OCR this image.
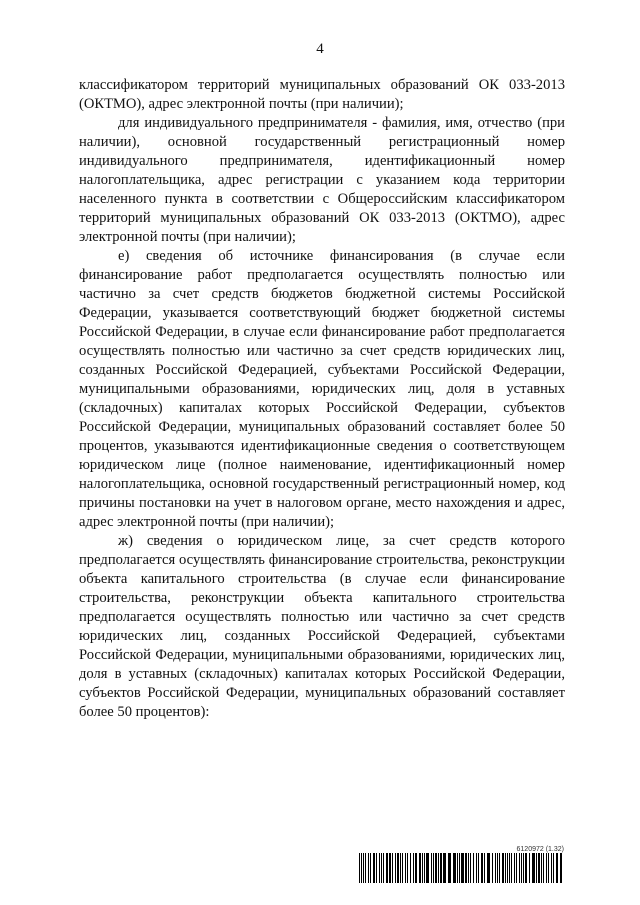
4

классификатором территорий муниципальных образований ОК 033-2013 (ОКТМО), адрес электронной почты (при наличии);

для индивидуального предпринимателя - фамилия, имя, отчество (при наличии), основной государственный регистрационный номер индивидуального предпринимателя, идентификационный номер налогоплательщика, адрес регистрации с указанием кода территории населенного пункта в соответствии с Общероссийским классификатором территорий муниципальных образований ОК 033-2013 (ОКТМО), адрес электронной почты (при наличии);

е) сведения об источнике финансирования (в случае если финансирование работ предполагается осуществлять полностью или частично за счет средств бюджетов бюджетной системы Российской Федерации, указывается соответствующий бюджет бюджетной системы Российской Федерации, в случае если финансирование работ предполагается осуществлять полностью или частично за счет средств юридических лиц, созданных Российской Федерацией, субъектами Российской Федерации, муниципальными образованиями, юридических лиц, доля в уставных (складочных) капиталах которых Российской Федерации, субъектов Российской Федерации, муниципальных образований составляет более 50 процентов, указываются идентификационные сведения о соответствующем юридическом лице (полное наименование, идентификационный номер налогоплательщика, основной государственный регистрационный номер, код причины постановки на учет в налоговом органе, место нахождения и адрес, адрес электронной почты (при наличии);

ж) сведения о юридическом лице, за счет средств которого предполагается осуществлять финансирование строительства, реконструкции объекта капитального строительства (в случае если финансирование строительства, реконструкции объекта капитального строительства предполагается осуществлять полностью или частично за счет средств юридических лиц, созданных Российской Федерацией, субъектами Российской Федерации, муниципальными образованиями, юридических лиц, доля в уставных (складочных) капиталах которых Российской Федерации, субъектов Российской Федерации, муниципальных образований составляет более 50 процентов):

6120972 (1.32)
